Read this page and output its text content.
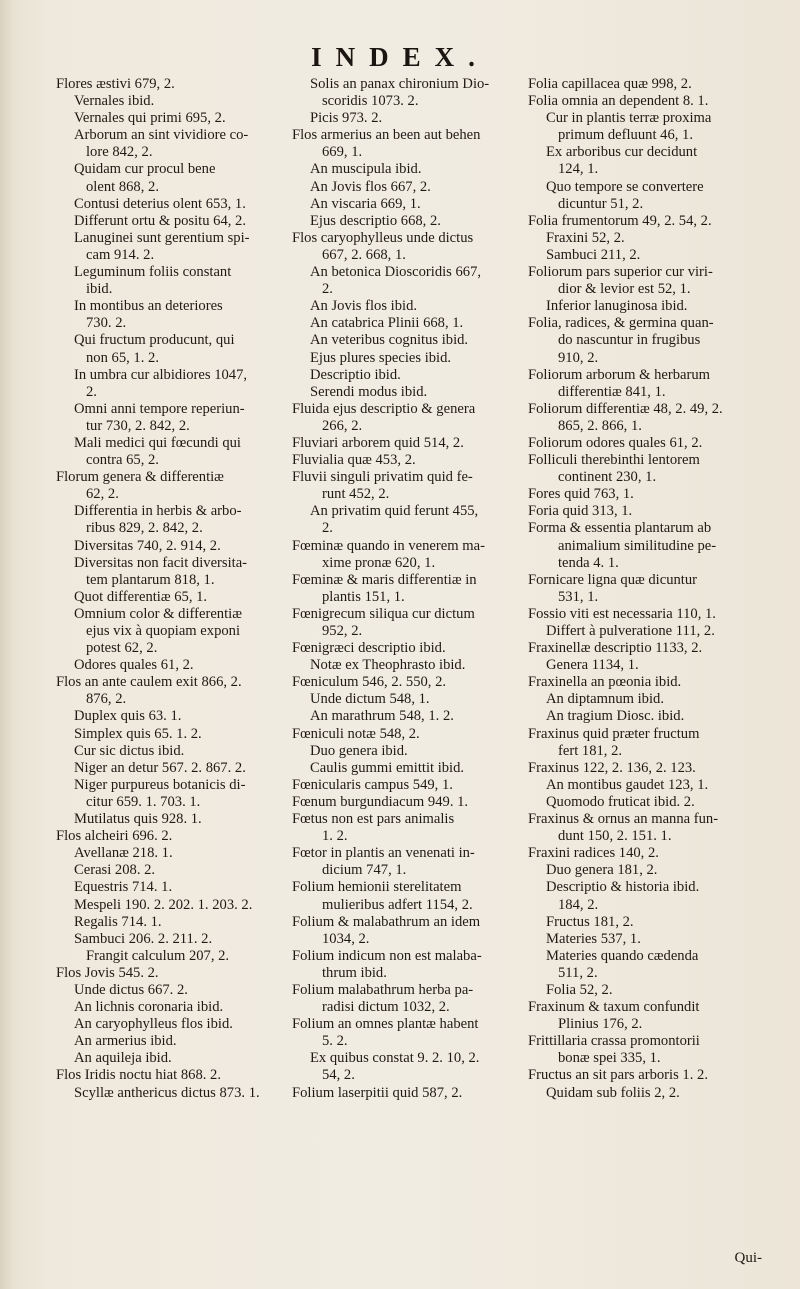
INDEX.
Flores æstivi 679, 2.
Vernales ibid.
Vernales qui primi 695, 2.
Arborum an sint vividiore co-
lore 842, 2.
Quidam cur procul bene
olent 868, 2.
Contusi deterius olent 653, 1.
Differunt ortu & positu 64, 2.
Lanuginei sunt gerentium spi-
cam 914. 2.
Leguminum foliis constant
ibid.
In montibus an deteriores
730. 2.
Qui fructum producunt, qui
non 65, 1. 2.
In umbra cur albidiores 1047,
2.
Omni anni tempore reperiun-
tur 730, 2. 842, 2.
Mali medici qui fœcundi qui
contra 65, 2.
Florum genera & differentiæ
62, 2.
Differentia in herbis & arbo-
ribus 829, 2. 842, 2.
Diversitas 740, 2. 914, 2.
Diversitas non facit diversita-
tem plantarum 818, 1.
Quot differentiæ 65, 1.
Omnium color & differentiæ
ejus vix à quopiam exponi
potest 62, 2.
Odores quales 61, 2.
Flos an ante caulem exit 866, 2.
876, 2.
Duplex quis 63. 1.
Simplex quis 65. 1. 2.
Cur sic dictus ibid.
Niger an detur 567. 2. 867. 2.
Niger purpureus botanicis di-
citur 659. 1. 703. 1.
Mutilatus quis 928. 1.
Flos alcheiri 696. 2.
Avellanæ 218. 1.
Cerasi 208. 2.
Equestris 714. 1.
Mespeli 190. 2. 202. 1. 203. 2.
Regalis 714. 1.
Sambuci 206. 2. 211. 2.
Frangit calculum 207, 2.
Flos Jovis 545. 2.
Unde dictus 667. 2.
An lichnis coronaria ibid.
An caryophylleus flos ibid.
An armerius ibid.
An aquileja ibid.
Flos Iridis noctu hiat 868. 2.
Scyllæ anthericus dictus 873. 1.
Solis an panax chironium Dio-
scoridis 1073. 2.
Picis 973. 2.
Flos armerius an been aut behen
669, 1.
An muscipula ibid.
An Jovis flos 667, 2.
An viscaria 669, 1.
Ejus descriptio 668, 2.
Flos caryophylleus unde dictus
667, 2. 668, 1.
An betonica Dioscoridis 667,
2.
An Jovis flos ibid.
An catabrica Plinii 668, 1.
An veteribus cognitus ibid.
Ejus plures species ibid.
Descriptio ibid.
Serendi modus ibid.
Fluida ejus descriptio & genera
266, 2.
Fluviari arborem quid 514, 2.
Fluvialia quæ 453, 2.
Fluvii singuli privatim quid fe-
runt 452, 2.
An privatim quid ferunt 455,
2.
Fœminæ quando in venerem ma-
xime pronæ 620, 1.
Fœminæ & maris differentiæ in
plantis 151, 1.
Fœnigrecum siliqua cur dictum
952, 2.
Fœnigræci descriptio ibid.
Notæ ex Theophrasto ibid.
Fœniculum 546, 2. 550, 2.
Unde dictum 548, 1.
An marathrum 548, 1. 2.
Fœniculi notæ 548, 2.
Duo genera ibid.
Caulis gummi emittit ibid.
Fœnicularis campus 549, 1.
Fœnum burgundiacum 949. 1.
Fœtus non est pars animalis
1. 2.
Fœtor in plantis an venenati in-
dicium 747, 1.
Folium hemionii sterelitatem
mulieribus adfert 1154, 2.
Folium & malabathrum an idem
1034, 2.
Folium indicum non est malaba-
thrum ibid.
Folium malabathrum herba pa-
radisi dictum 1032, 2.
Folium an omnes plantæ habent
5. 2.
Ex quibus constat 9. 2. 10, 2.
54, 2.
Folium laserpitii quid 587, 2.
Folia capillacea quæ 998, 2.
Folia omnia an dependent 8. 1.
Cur in plantis terræ proxima
primum defluunt 46, 1.
Ex arboribus cur decidunt
124, 1.
Quo tempore se convertere
dicuntur 51, 2.
Folia frumentorum 49, 2. 54, 2.
Fraxini 52, 2.
Sambuci 211, 2.
Foliorum pars superior cur viri-
dior & levior est 52, 1.
Inferior lanuginosa ibid.
Folia, radices, & germina quan-
do nascuntur in frugibus
910, 2.
Foliorum arborum & herbarum
differentiæ 841, 1.
Foliorum differentiæ 48, 2. 49, 2.
865, 2. 866, 1.
Foliorum odores quales 61, 2.
Folliculi therebinthi lentorem
continent 230, 1.
Fores quid 763, 1.
Foria quid 313, 1.
Forma & essentia plantarum ab
animalium similitudine pe-
tenda 4. 1.
Fornicare ligna quæ dicuntur
531, 1.
Fossio viti est necessaria 110, 1.
Differt à pulveratione 111, 2.
Fraxinellæ descriptio 1133, 2.
Genera 1134, 1.
Fraxinella an pœonia ibid.
An diptamnum ibid.
An tragium Diosc. ibid.
Fraxinus quid præter fructum
fert 181, 2.
Fraxinus 122, 2. 136, 2. 123.
An montibus gaudet 123, 1.
Quomodo fruticat ibid. 2.
Fraxinus & ornus an manna fun-
dunt 150, 2. 151. 1.
Fraxini radices 140, 2.
Duo genera 181, 2.
Descriptio & historia ibid.
184, 2.
Fructus 181, 2.
Materies 537, 1.
Materies quando cædenda
511, 2.
Folia 52, 2.
Fraxinum & taxum confundit
Plinius 176, 2.
Frittillaria crassa promontorii
bonæ spei 335, 1.
Fructus an sit pars arboris 1. 2.
Quidam sub foliis 2, 2.
Qui-
